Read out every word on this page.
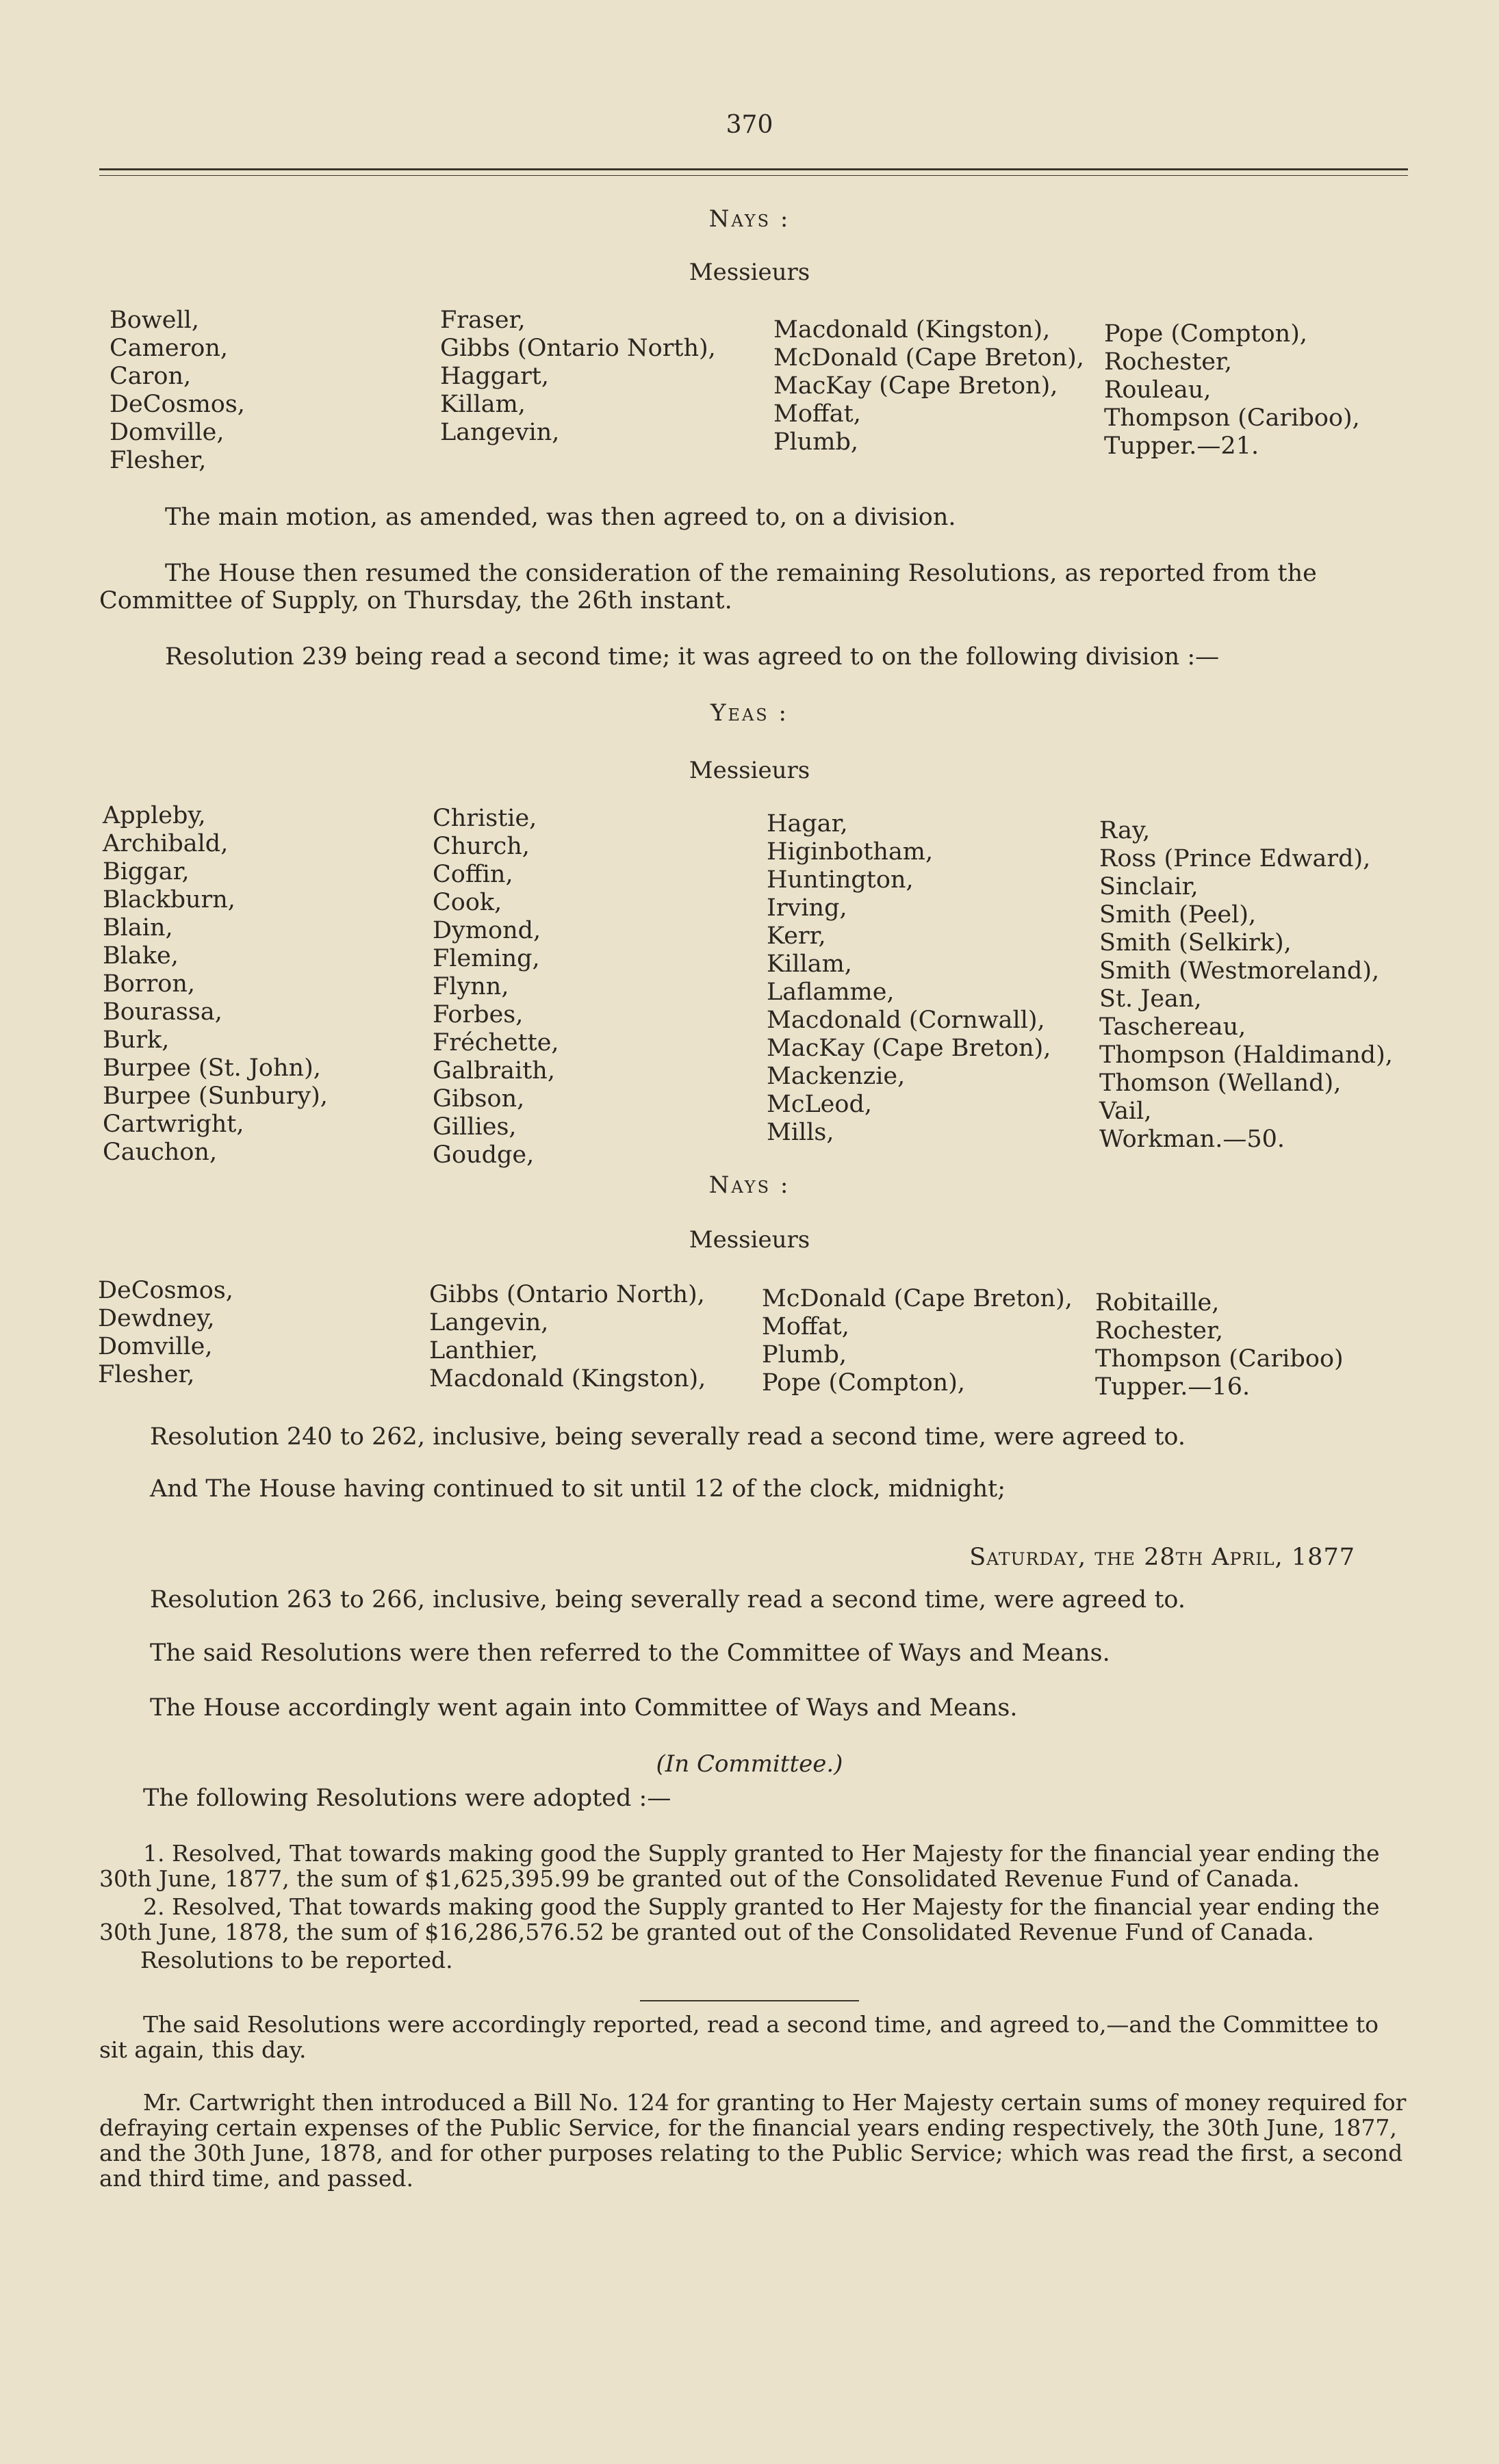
370
Nays :
Messieurs
Bowell,
Cameron,
Caron,
DeCosmos,
Domville,
Flesher,
Fraser,
Gibbs (Ontario North),
Haggart,
Killam,
Langevin,
Macdonald (Kingston),
McDonald (Cape Breton),
MacKay (Cape Breton),
Moffat,
Plumb,
Pope (Compton),
Rochester,
Rouleau,
Thompson (Cariboo),
Tupper.—21.
The main motion, as amended, was then agreed to, on a division.
The House then resumed the consideration of the remaining Resolutions, as reported from the Committee of Supply, on Thursday, the 26th instant.
Resolution 239 being read a second time; it was agreed to on the following division :—
Yeas :
Messieurs
Appleby,
Archibald,
Biggar,
Blackburn,
Blain,
Blake,
Borron,
Bourassa,
Burk,
Burpee (St. John),
Burpee (Sunbury),
Cartwright,
Cauchon,
Christie,
Church,
Coffin,
Cook,
Dymond,
Fleming,
Flynn,
Forbes,
Fréchette,
Galbraith,
Gibson,
Gillies,
Goudge,
Hagar,
Higinbotham,
Huntington,
Irving,
Kerr,
Killam,
Laflamme,
Macdonald (Cornwall),
MacKay (Cape Breton),
Mackenzie,
McLeod,
Mills,
Ray,
Ross (Prince Edward),
Sinclair,
Smith (Peel),
Smith (Selkirk),
Smith (Westmoreland),
St. Jean,
Taschereau,
Thompson (Haldimand),
Thomson (Welland),
Vail,
Workman.—50.
Nays :
Messieurs
DeCosmos,
Dewdney,
Domville,
Flesher,
Gibbs (Ontario North),
Langevin,
Lanthier,
Macdonald (Kingston),
McDonald (Cape Breton),
Moffat,
Plumb,
Pope (Compton),
Robitaille,
Rochester,
Thompson (Cariboo)
Tupper.—16.
Resolution 240 to 262, inclusive, being severally read a second time, were agreed to.
And The House having continued to sit until 12 of the clock, midnight;
Saturday, the 28th April, 1877
Resolution 263 to 266, inclusive, being severally read a second time, were agreed to.
The said Resolutions were then referred to the Committee of Ways and Means.
The House accordingly went again into Committee of Ways and Means.
(In Committee.)
The following Resolutions were adopted :—
1. Resolved, That towards making good the Supply granted to Her Majesty for the financial year ending the 30th June, 1877, the sum of $1,625,395.99 be granted out of the Consolidated Revenue Fund of Canada.
2. Resolved, That towards making good the Supply granted to Her Majesty for the financial year ending the 30th June, 1878, the sum of $16,286,576.52 be granted out of the Consolidated Revenue Fund of Canada.
Resolutions to be reported.
The said Resolutions were accordingly reported, read a second time, and agreed to,—and the Committee to sit again, this day.
Mr. Cartwright then introduced a Bill No. 124 for granting to Her Majesty certain sums of money required for defraying certain expenses of the Public Service, for the financial years ending respectively, the 30th June, 1877, and the 30th June, 1878, and for other purposes relating to the Public Service; which was read the first, a second and third time, and passed.
